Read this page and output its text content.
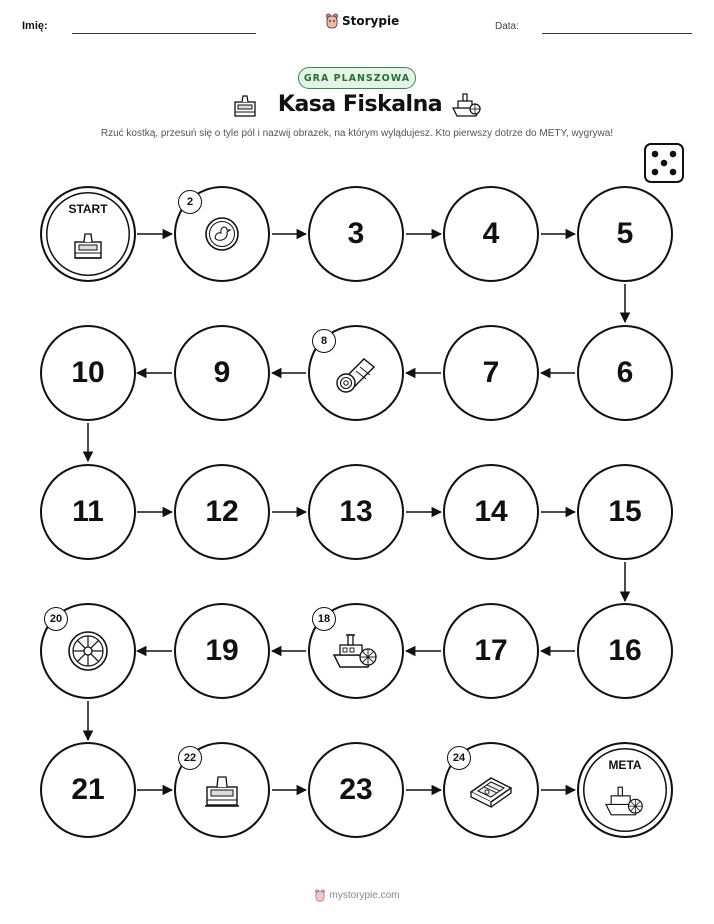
Imię:	Storypie	Data:
GRA PLANSZOWA
Kasa Fiskalna
Rzuć kostką, przesuń się o tyle pól i nazwij obrazek, na którym wylądujesz. Kto pierwszy dotrze do METY, wygrywa!
START	2
3	4	5
10	9
8
7	6
11	12	13	14	15
20
19
18
17	16
21
22
23
24	META
mystorypie.com
